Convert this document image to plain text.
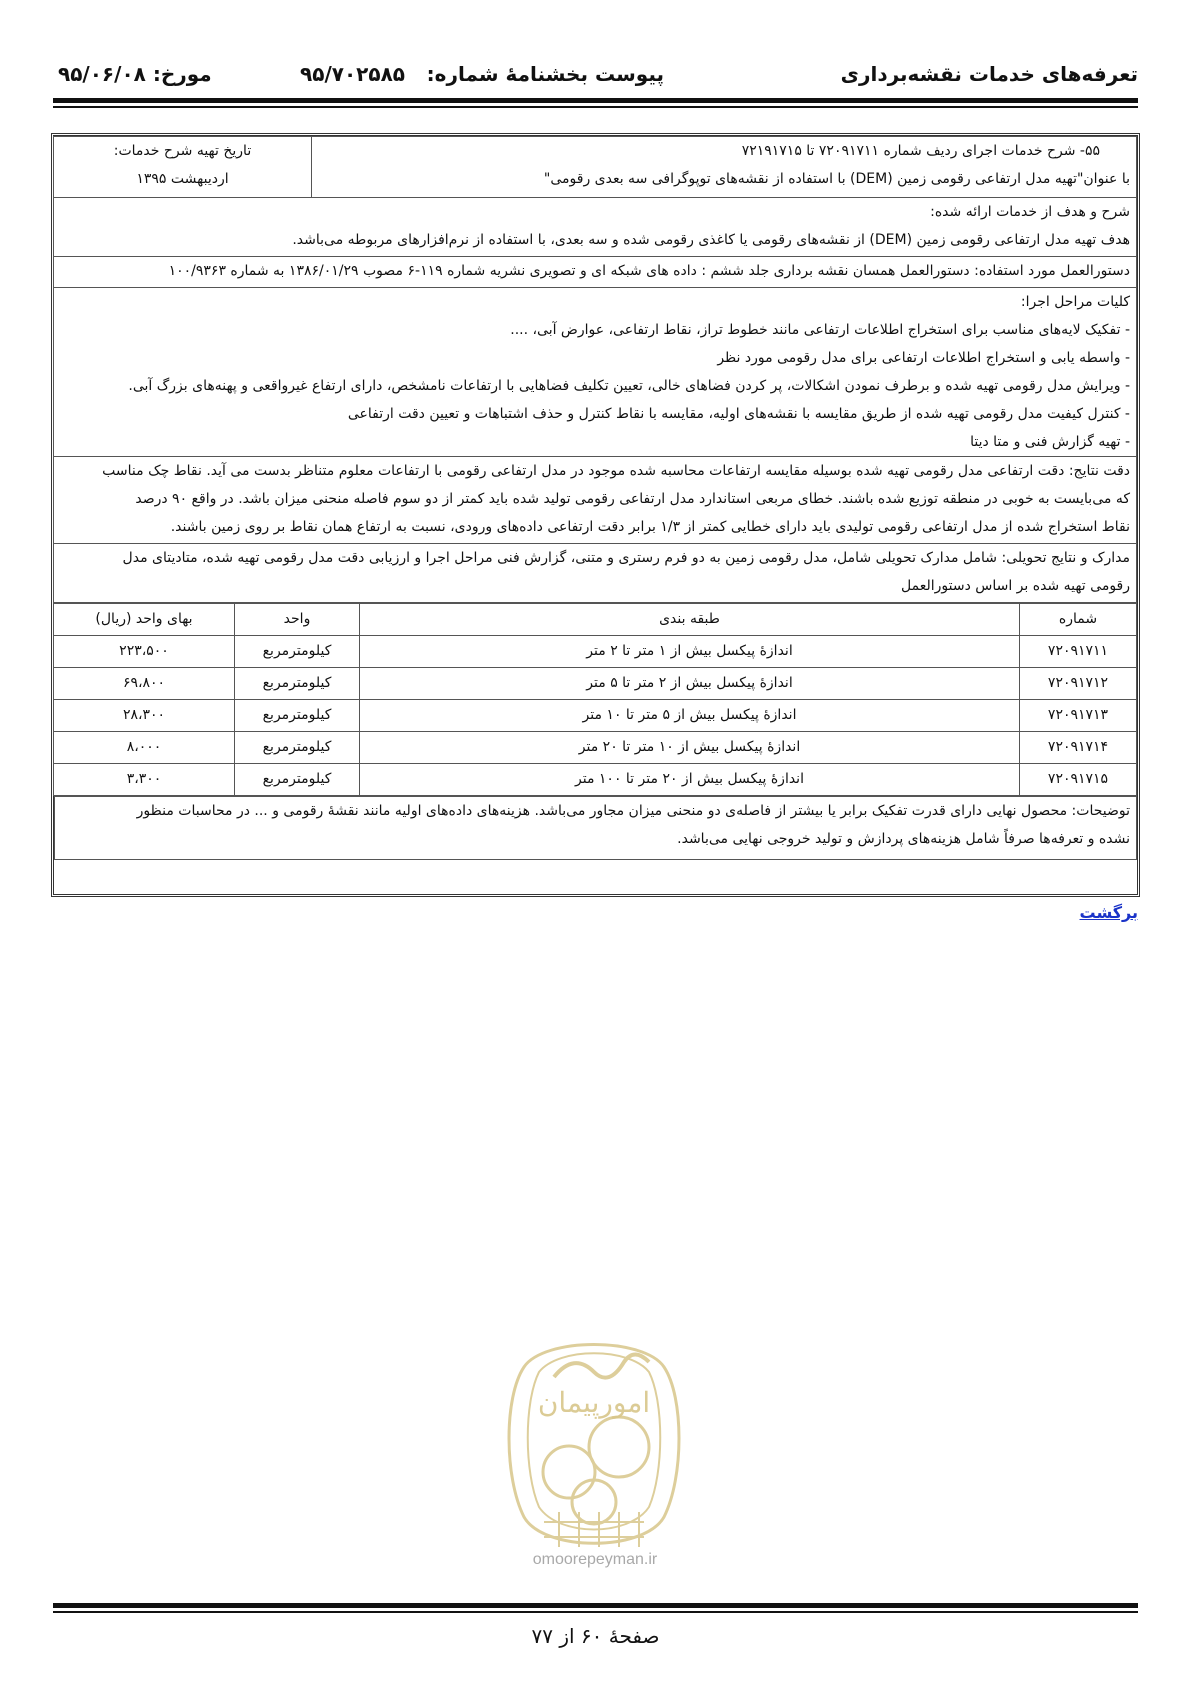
تعرفه‌های خدمات نقشه‌برداری
پیوست بخشنامۀ شماره:
۹۵/۷۰۲۵۸۵
مورخ: ۹۵/۰۶/۰۸

۵۵- شرح خدمات اجرای ردیف شماره ۷۲۰۹۱۷۱۱ تا ۷۲۱۹۱۷۱۵

با عنوان"تهیه مدل ارتفاعی رقومی زمین (DEM) با استفاده از نقشه‌های توپوگرافی سه بعدی رقومی"

تاریخ تهیه شرح خدمات:

اردیبهشت ۱۳۹۵

شرح و هدف از خدمات ارائه شده:

هدف تهیه مدل ارتفاعی رقومی زمین (DEM) از نقشه‌های رقومی یا کاغذی رقومی شده و سه بعدی، با استفاده از نرم‌افزارهای مربوطه می‌باشد.

دستورالعمل مورد استفاده: دستورالعمل همسان نقشه برداری جلد ششم : داده های شبکه ای و تصویری نشریه شماره ۱۱۹-۶ مصوب ۱۳۸۶/۰۱/۲۹ به شماره ۱۰۰/۹۳۶۳

کلیات مراحل اجرا:

- تفکیک لایه‌های مناسب برای استخراج اطلاعات ارتفاعی مانند خطوط تراز، نقاط ارتفاعی، عوارض آبی، ....

- واسطه یابی و استخراج اطلاعات ارتفاعی برای مدل رقومی مورد نظر

- ویرایش مدل رقومی تهیه شده و برطرف نمودن اشکالات، پر کردن فضاهای خالی، تعیین تکلیف فضاهایی با ارتفاعات نامشخص، دارای ارتفاع غیرواقعی و پهنه‌های بزرگ آبی.

- کنترل کیفیت مدل رقومی تهیه شده از طریق مقایسه با نقشه‌های اولیه، مقایسه با نقاط کنترل و حذف اشتباهات و تعیین دقت ارتفاعی

- تهیه گزارش فنی و متا دیتا

دقت نتایج: دقت ارتفاعی مدل رقومی تهیه شده بوسیله مقایسه ارتفاعات محاسبه شده موجود در مدل ارتفاعی رقومی با ارتفاعات معلوم متناظر بدست می آید. نقاط چک مناسب

که می‌بایست به خوبی در منطقه توزیع شده باشند. خطای مربعی استاندارد مدل ارتفاعی رقومی تولید شده باید کمتر از دو سوم فاصله منحنی میزان باشد. در واقع ۹۰ درصد

نقاط استخراج شده از مدل ارتفاعی رقومی تولیدی باید دارای خطایی کمتر از ۱/۳ برابر دقت ارتفاعی داده‌های ورودی، نسبت به ارتفاع همان نقاط بر روی زمین باشند.

مدارک و نتایج تحویلی: شامل مدارک تحویلی شامل، مدل رقومی زمین به دو فرم رستری و متنی، گزارش فنی مراحل اجرا و ارزیابی دقت مدل رقومی تهیه شده، متادیتای مدل

رقومی تهیه شده بر اساس دستورالعمل

شماره	طبقه بندی	واحد	بهای واحد (ریال)
۷۲۰۹۱۷۱۱	اندازۀ پیکسل بیش از ۱ متر تا ۲ متر	کیلومترمربع	۲۲۳،۵۰۰
۷۲۰۹۱۷۱۲	اندازۀ پیکسل بیش از ۲ متر تا ۵ متر	کیلومترمربع	۶۹،۸۰۰
۷۲۰۹۱۷۱۳	اندازۀ پیکسل بیش از ۵ متر تا ۱۰ متر	کیلومترمربع	۲۸،۳۰۰
۷۲۰۹۱۷۱۴	اندازۀ پیکسل بیش از ۱۰ متر تا ۲۰ متر	کیلومترمربع	۸،۰۰۰
۷۲۰۹۱۷۱۵	اندازۀ پیکسل بیش از ۲۰ متر تا ۱۰۰ متر	کیلومترمربع	۳،۳۰۰

توضیحات: محصول نهایی دارای قدرت تفکیک برابر یا بیشتر از فاصله‌ی دو منحنی میزان مجاور می‌باشد. هزینه‌های داده‌های اولیه مانند نقشۀ رقومی و ... در محاسبات منظور

نشده و تعرفه‌ها صرفاً شامل هزینه‌های پردازش و تولید خروجی نهایی می‌باشد.

برگشت
امورپیمان
omoorepeyman.ir
صفحۀ ۶۰ از ۷۷
